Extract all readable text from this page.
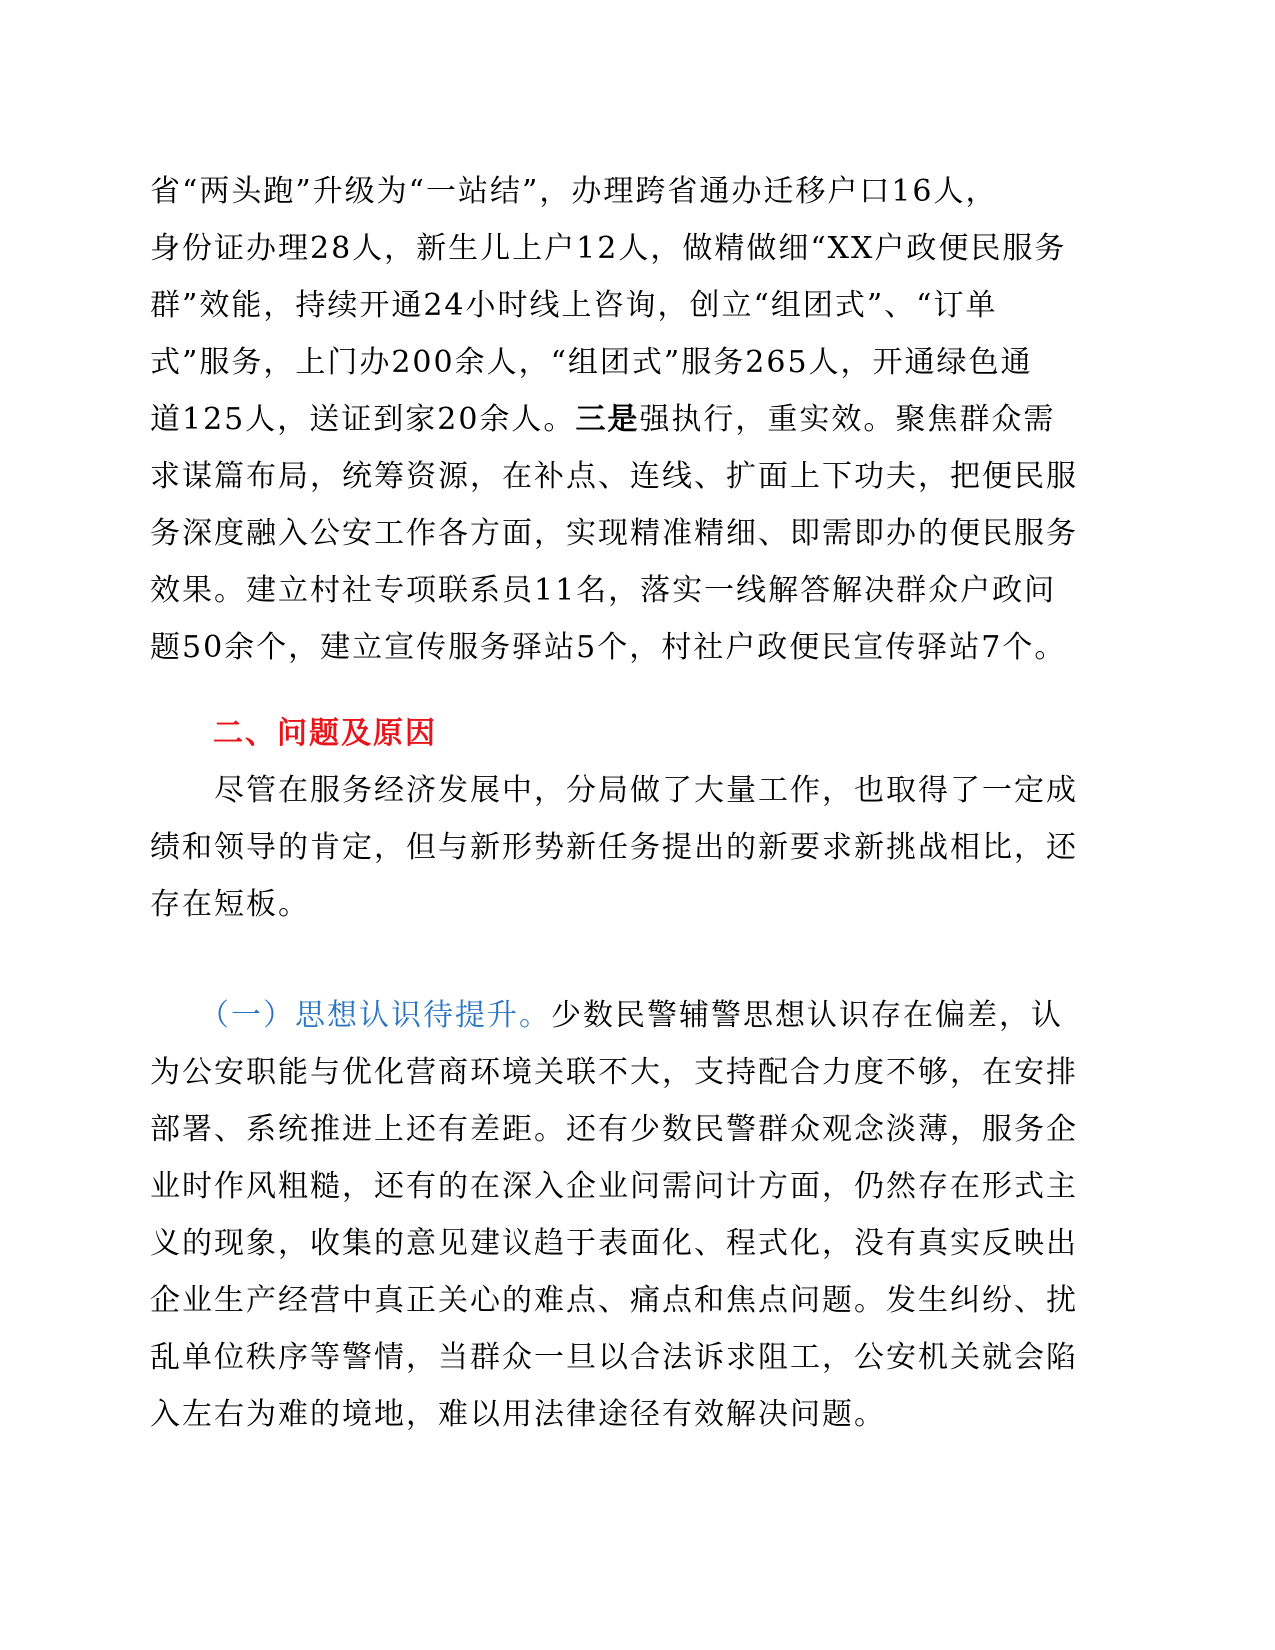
省“两头跑”升级为“一站结”，办理跨省通办迁移户口16人，
身份证办理28人，新生儿上户12人，做精做细“XX户政便民服务
群”效能，持续开通24小时线上咨询，创立“组团式”、“订单
式”服务，上门办200余人，“组团式”服务265人，开通绿色通
道125人，送证到家20余人。三是强执行，重实效。聚焦群众需
求谋篇布局，统筹资源，在补点、连线、扩面上下功夫，把便民服
务深度融入公安工作各方面，实现精准精细、即需即办的便民服务
效果。建立村社专项联系员11名，落实一线解答解决群众户政问
题50余个，建立宣传服务驿站5个，村社户政便民宣传驿站7个。
二、问题及原因
　　尽管在服务经济发展中，分局做了大量工作，也取得了一定成
绩和领导的肯定，但与新形势新任务提出的新要求新挑战相比，还
存在短板。
　　（一）思想认识待提升。少数民警辅警思想认识存在偏差，认
为公安职能与优化营商环境关联不大，支持配合力度不够，在安排
部署、系统推进上还有差距。还有少数民警群众观念淡薄，服务企
业时作风粗糙，还有的在深入企业问需问计方面，仍然存在形式主
义的现象，收集的意见建议趋于表面化、程式化，没有真实反映出
企业生产经营中真正关心的难点、痛点和焦点问题。发生纠纷、扰
乱单位秩序等警情，当群众一旦以合法诉求阻工，公安机关就会陷
入左右为难的境地，难以用法律途径有效解决问题。
